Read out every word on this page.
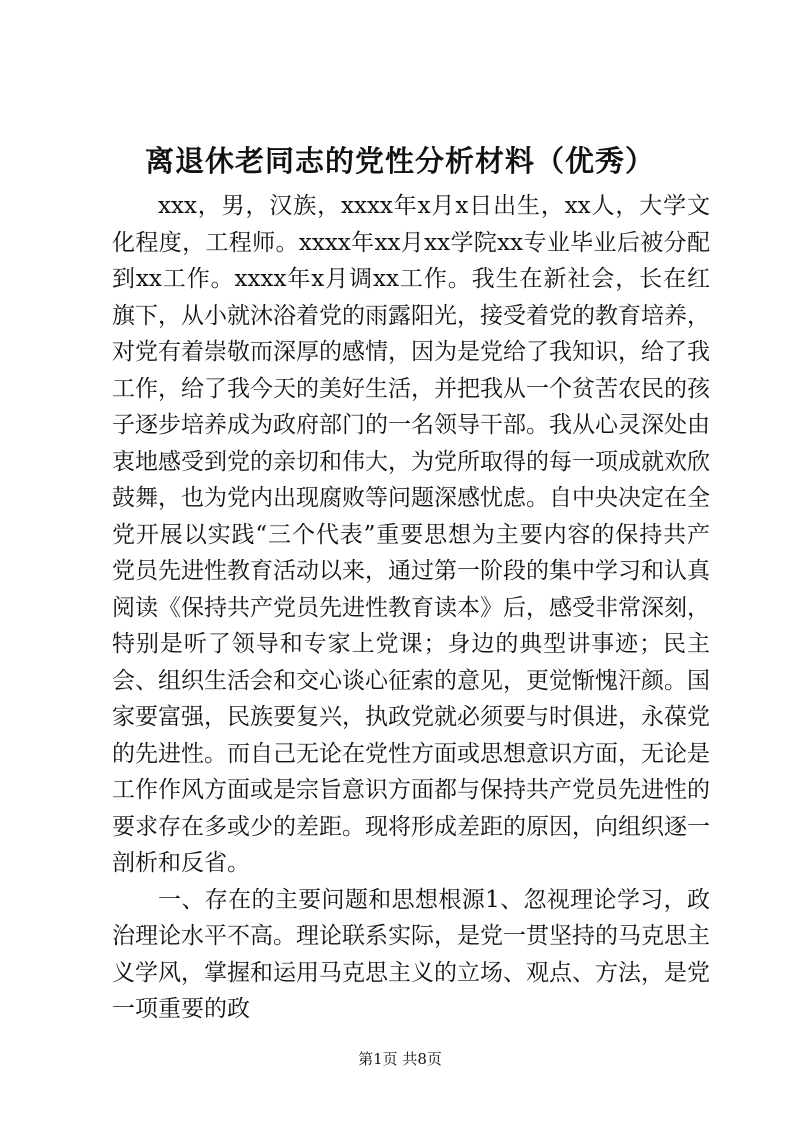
离退休老同志的党性分析材料（优秀）

xxx，男，汉族，xxxx年x月x日出生，xx人，大学文化程度，工程师。xxxx年xx月xx学院xx专业毕业后被分配到xx工作。xxxx年x月调xx工作。我生在新社会，长在红旗下，从小就沐浴着党的雨露阳光，接受着党的教育培养，对党有着崇敬而深厚的感情，因为是党给了我知识，给了我工作，给了我今天的美好生活，并把我从一个贫苦农民的孩子逐步培养成为政府部门的一名领导干部。我从心灵深处由衷地感受到党的亲切和伟大，为党所取得的每一项成就欢欣鼓舞，也为党内出现腐败等问题深感忧虑。自中央决定在全党开展以实践“三个代表”重要思想为主要内容的保持共产党员先进性教育活动以来，通过第一阶段的集中学习和认真阅读《保持共产党员先进性教育读本》后，感受非常深刻，特别是听了领导和专家上党课；身边的典型讲事迹；民主会、组织生活会和交心谈心征索的意见，更觉惭愧汗颜。国家要富强，民族要复兴，执政党就必须要与时俱进，永葆党的先进性。而自己无论在党性方面或思想意识方面，无论是工作作风方面或是宗旨意识方面都与保持共产党员先进性的要求存在多或少的差距。现将形成差距的原因，向组织逐一剖析和反省。

一、存在的主要问题和思想根源1、忽视理论学习，政治理论水平不高。理论联系实际，是党一贯坚持的马克思主义学风，掌握和运用马克思主义的立场、观点、方法，是党一项重要的政

第1页 共8页
